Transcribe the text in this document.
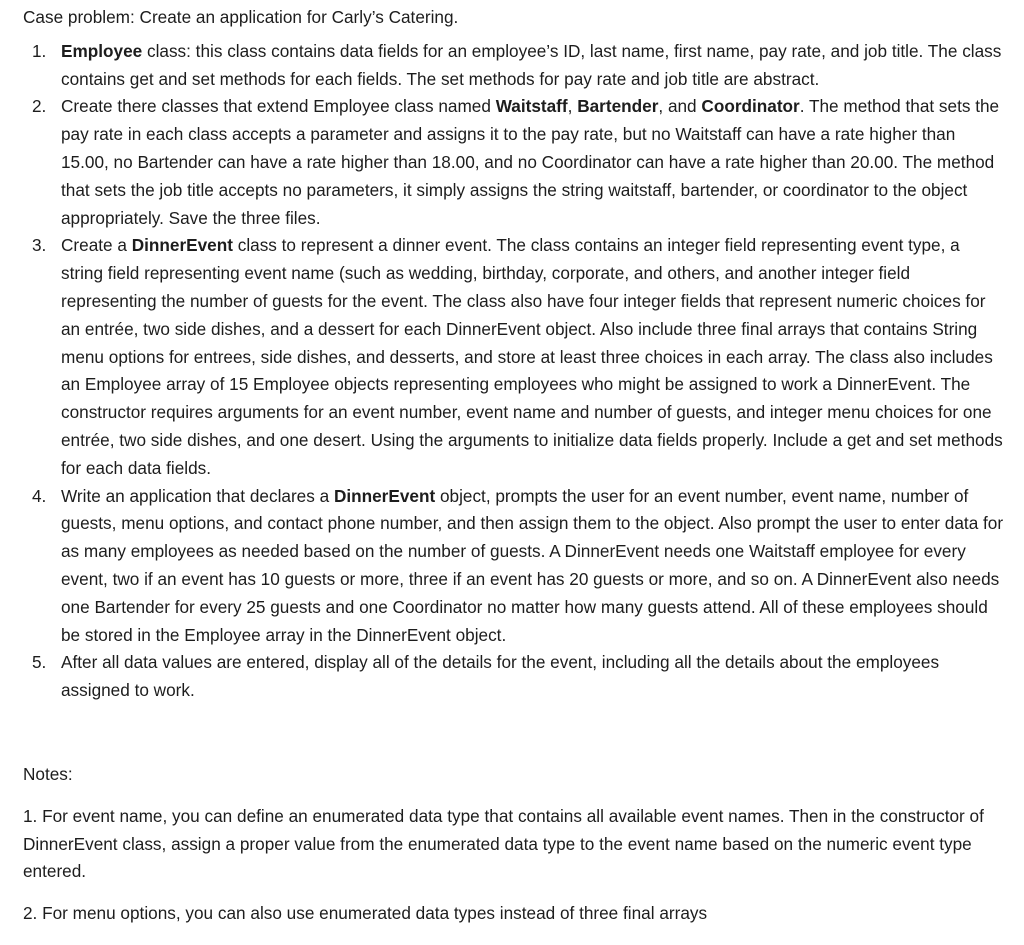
Case problem: Create an application for Carly’s Catering.

1. Employee class: this class contains data fields for an employee’s ID, last name, first name, pay rate, and job title. The class contains get and set methods for each fields. The set methods for pay rate and job title are abstract.
2. Create there classes that extend Employee class named Waitstaff, Bartender, and Coordinator. The method that sets the pay rate in each class accepts a parameter and assigns it to the pay rate, but no Waitstaff can have a rate higher than 15.00, no Bartender can have a rate higher than 18.00, and no Coordinator can have a rate higher than 20.00. The method that sets the job title accepts no parameters, it simply assigns the string waitstaff, bartender, or coordinator to the object appropriately. Save the three files.
3. Create a DinnerEvent class to represent a dinner event. The class contains an integer field representing event type, a string field representing event name (such as wedding, birthday, corporate, and others, and another integer field representing the number of guests for the event. The class also have four integer fields that represent numeric choices for an entrée, two side dishes, and a dessert for each DinnerEvent object. Also include three final arrays that contains String menu options for entrees, side dishes, and desserts, and store at least three choices in each array. The class also includes an Employee array of 15 Employee objects representing employees who might be assigned to work a DinnerEvent. The constructor requires arguments for an event number, event name and number of guests, and integer menu choices for one entrée, two side dishes, and one desert. Using the arguments to initialize data fields properly. Include a get and set methods for each data fields.
4. Write an application that declares a DinnerEvent object, prompts the user for an event number, event name, number of guests, menu options, and contact phone number, and then assign them to the object. Also prompt the user to enter data for as many employees as needed based on the number of guests. A DinnerEvent needs one Waitstaff employee for every event, two if an event has 10 guests or more, three if an event has 20 guests or more, and so on. A DinnerEvent also needs one Bartender for every 25 guests and one Coordinator no matter how many guests attend. All of these employees should be stored in the Employee array in the DinnerEvent object.
5. After all data values are entered, display all of the details for the event, including all the details about the employees assigned to work.

Notes:

1. For event name, you can define an enumerated data type that contains all available event names. Then in the constructor of DinnerEvent class, assign a proper value from the enumerated data type to the event name based on the numeric event type entered.

2. For menu options, you can also use enumerated data types instead of three final arrays
